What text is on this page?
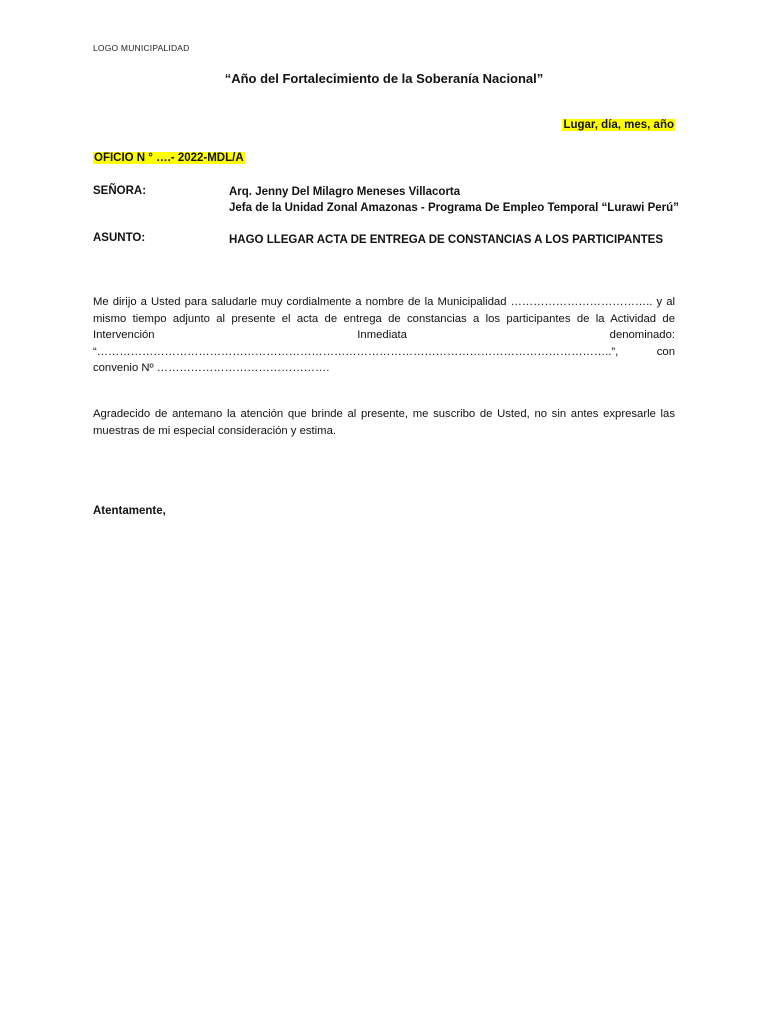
LOGO MUNICIPALIDAD
“Año del Fortalecimiento de la Soberanía Nacional”
Lugar, día, mes, año
OFICIO N ° ….- 2022-MDL/A
SEÑORA:	Arq. Jenny Del Milagro Meneses Villacorta
Jefa de la Unidad Zonal Amazonas - Programa De Empleo Temporal “Lurawi Perú”
ASUNTO:	HAGO LLEGAR ACTA DE ENTREGA DE CONSTANCIAS A LOS PARTICIPANTES
Me dirijo a Usted para saludarle muy cordialmente a nombre de la Municipalidad ……………………………….. y al mismo tiempo adjunto al presente el acta de entrega de constancias a los participantes de la Actividad de Intervención Inmediata denominado: “………………………………………………………………………………………………………………………..”, con convenio Nº ……………………………………….
Agradecido de antemano la atención que brinde al presente, me suscribo de Usted, no sin antes expresarle las muestras de mi especial consideración y estima.
Atentamente,
